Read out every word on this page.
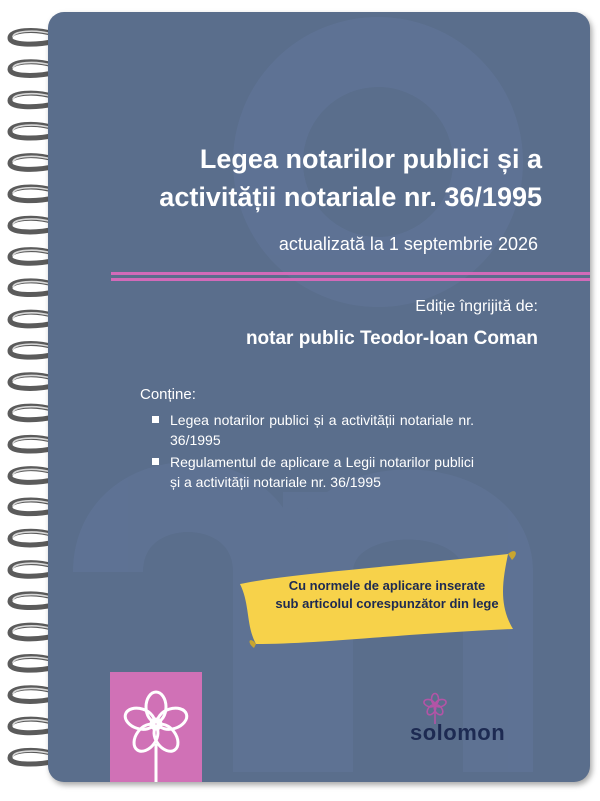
Legea notarilor publici și a
activității notariale nr. 36/1995
actualizată la 1 septembrie 2026
Ediție îngrijită de:
notar public Teodor-Ioan Coman
Conține:
Legea notarilor publici și a activității notariale nr. 36/1995
Regulamentul de aplicare a Legii notarilor publici și a activității notariale nr. 36/1995
Cu normele de aplicare inserate
sub articolul corespunzător din lege
solomon
